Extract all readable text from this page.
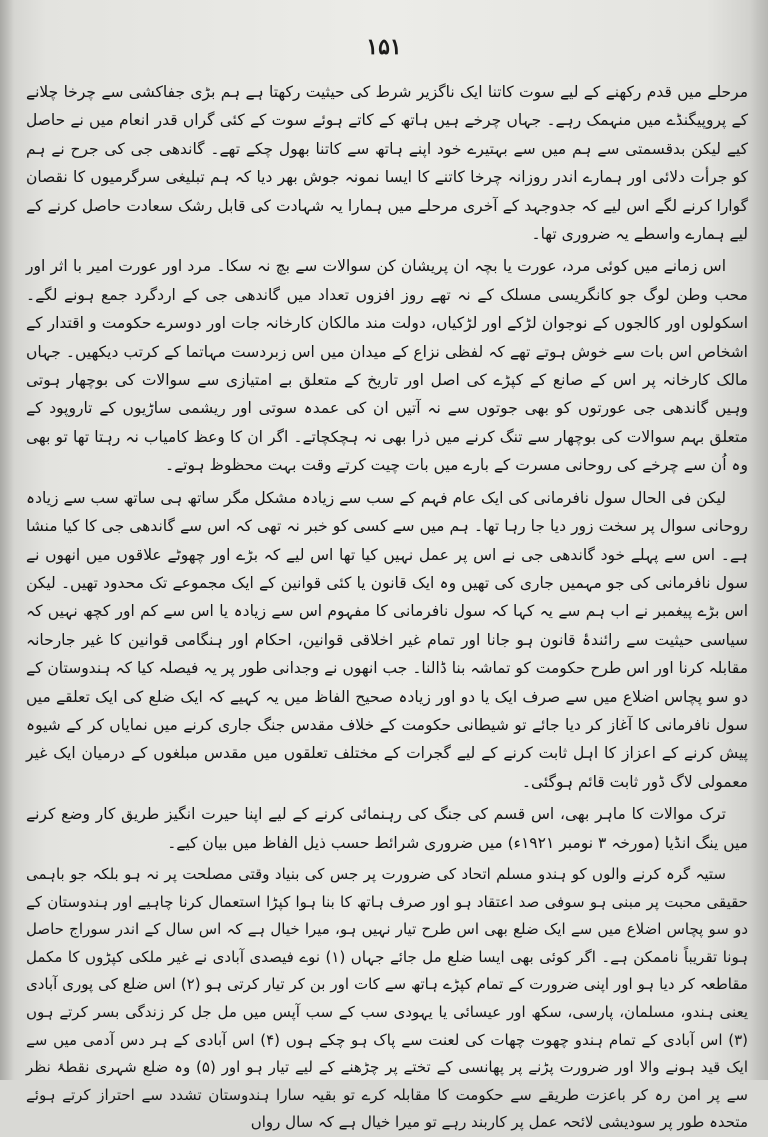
۱۵۱

مرحلے میں قدم رکھنے کے لیے سوت کاتنا ایک ناگزیر شرط کی حیثیت رکھتا ہے ہم بڑی جفاکشی سے چرخا چلانے کے پروپیگنڈے میں منہمک رہے۔ جہاں چرخے ہیں ہاتھ کے کاتے ہوئے سوت کے کئی گراں قدر انعام میں نے حاصل کیے لیکن بدقسمتی سے ہم میں سے بہتیرے خود اپنے ہاتھ سے کاتنا بھول چکے تھے۔ گاندھی جی کی جرح نے ہم کو جرأت دلائی اور ہمارے اندر روزانہ چرخا کاتنے کا ایسا نمونہ جوش بھر دیا کہ ہم تبلیغی سرگرمیوں کا نقصان گوارا کرنے لگے اس لیے کہ جدوجہد کے آخری مرحلے میں ہمارا یہ شہادت کی قابل رشک سعادت حاصل کرنے کے لیے ہمارے واسطے یہ ضروری تھا۔

اس زمانے میں کوئی مرد، عورت یا بچہ ان پریشان کن سوالات سے بچ نہ سکا۔ مرد اور عورت امیر با اثر اور محب وطن لوگ جو کانگریسی مسلک کے نہ تھے روز افزوں تعداد میں گاندھی جی کے اردگرد جمع ہونے لگے۔ اسکولوں اور کالجوں کے نوجوان لڑکے اور لڑکیاں، دولت مند مالکان کارخانہ جات اور دوسرے حکومت و اقتدار کے اشخاص اس بات سے خوش ہوتے تھے کہ لفظی نزاع کے میدان میں اس زبردست مہاتما کے کرتب دیکھیں۔ جہاں مالک کارخانہ پر اس کے صانع کے کپڑے کی اصل اور تاریخ کے متعلق بے امتیازی سے سوالات کی بوچھار ہوتی وہیں گاندھی جی عورتوں کو بھی جوتوں سے نہ آتیں ان کی عمدہ سوتی اور ریشمی ساڑیوں کے تاروپود کے متعلق بہم سوالات کی بوچھار سے تنگ کرنے میں ذرا بھی نہ ہچکچاتے۔ اگر ان کا وعظ کامیاب نہ رہتا تھا تو بھی وہ اُن سے چرخے کی روحانی مسرت کے بارے میں بات چیت کرتے وقت بہت محظوظ ہوتے۔

لیکن فی الحال سول نافرمانی کی ایک عام فہم کے سب سے زیادہ مشکل مگر ساتھ ہی ساتھ سب سے زیادہ روحانی سوال پر سخت زور دیا جا رہا تھا۔ ہم میں سے کسی کو خبر نہ تھی کہ اس سے گاندھی جی کا کیا منشا ہے۔ اس سے پہلے خود گاندھی جی نے اس پر عمل نہیں کیا تھا اس لیے کہ بڑے اور چھوٹے علاقوں میں انھوں نے سول نافرمانی کی جو مہمیں جاری کی تھیں وہ ایک قانون یا کئی قوانین کے ایک مجموعے تک محدود تھیں۔ لیکن اس بڑے پیغمبر نے اب ہم سے یہ کہا کہ سول نافرمانی کا مفہوم اس سے زیادہ یا اس سے کم اور کچھ نہیں کہ سیاسی حیثیت سے رائندۂ قانون ہو جانا اور تمام غیر اخلاقی قوانین، احکام اور ہنگامی قوانین کا غیر جارحانہ مقابلہ کرنا اور اس طرح حکومت کو تماشہ بنا ڈالنا۔ جب انھوں نے وجدانی طور پر یہ فیصلہ کیا کہ ہندوستان کے دو سو پچاس اضلاع میں سے صرف ایک یا دو اور زیادہ صحیح الفاظ میں یہ کہیے کہ ایک ضلع کی ایک تعلقے میں سول نافرمانی کا آغاز کر دیا جائے تو شیطانی حکومت کے خلاف مقدس جنگ جاری کرنے میں نمایاں کر کے شیوہ پیش کرنے کے اعزاز کا اہل ثابت کرنے کے لیے گجرات کے مختلف تعلقوں میں مقدس مبلغوں کے درمیان ایک غیر معمولی لاگ ڈور ثابت قائم ہوگئی۔

ترک موالات کا ماہر بھی، اس قسم کی جنگ کی رہنمائی کرنے کے لیے اپنا حیرت انگیز طریق کار وضع کرنے میں ینگ انڈیا (مورخہ ۳ نومبر ۱۹۲۱ء) میں ضروری شرائط حسب ذیل الفاظ میں بیان کیے۔

ستیہ گرہ کرنے والوں کو ہندو مسلم اتحاد کی ضرورت پر جس کی بنیاد وقتی مصلحت پر نہ ہو بلکہ جو باہمی حقیقی محبت پر مبنی ہو سوفی صد اعتقاد ہو اور صرف ہاتھ کا بنا ہوا کپڑا استعمال کرنا چاہیے اور ہندوستان کے دو سو پچاس اضلاع میں سے ایک ضلع بھی اس طرح تیار نہیں ہو، میرا خیال ہے کہ اس سال کے اندر سوراج حاصل ہونا تقریباً ناممکن ہے۔ اگر کوئی بھی ایسا ضلع مل جائے جہاں (۱) نوے فیصدی آبادی نے غیر ملکی کپڑوں کا مکمل مقاطعہ کر دیا ہو اور اپنی ضرورت کے تمام کپڑے ہاتھ سے کات اور بن کر تیار کرتی ہو (۲) اس ضلع کی پوری آبادی یعنی ہندو، مسلمان، پارسی، سکھ اور عیسائی یا یہودی سب کے سب آپس میں مل جل کر زندگی بسر کرتے ہوں (۳) اس آبادی کے تمام ہندو چھوت چھات کی لعنت سے پاک ہو چکے ہوں (۴) اس آبادی کے ہر دس آدمی میں سے ایک قید ہونے والا اور ضرورت پڑنے پر پھانسی کے تختے پر چڑھنے کے لیے تیار ہو اور (۵) وہ ضلع شہری نقطۂ نظر سے پر امن رہ کر باعزت طریقے سے حکومت کا مقابلہ کرے تو بقیہ سارا ہندوستان تشدد سے احتراز کرتے ہوئے متحدہ طور پر سودیشی لائحہ عمل پر کاربند رہے تو میرا خیال ہے کہ سال رواں
